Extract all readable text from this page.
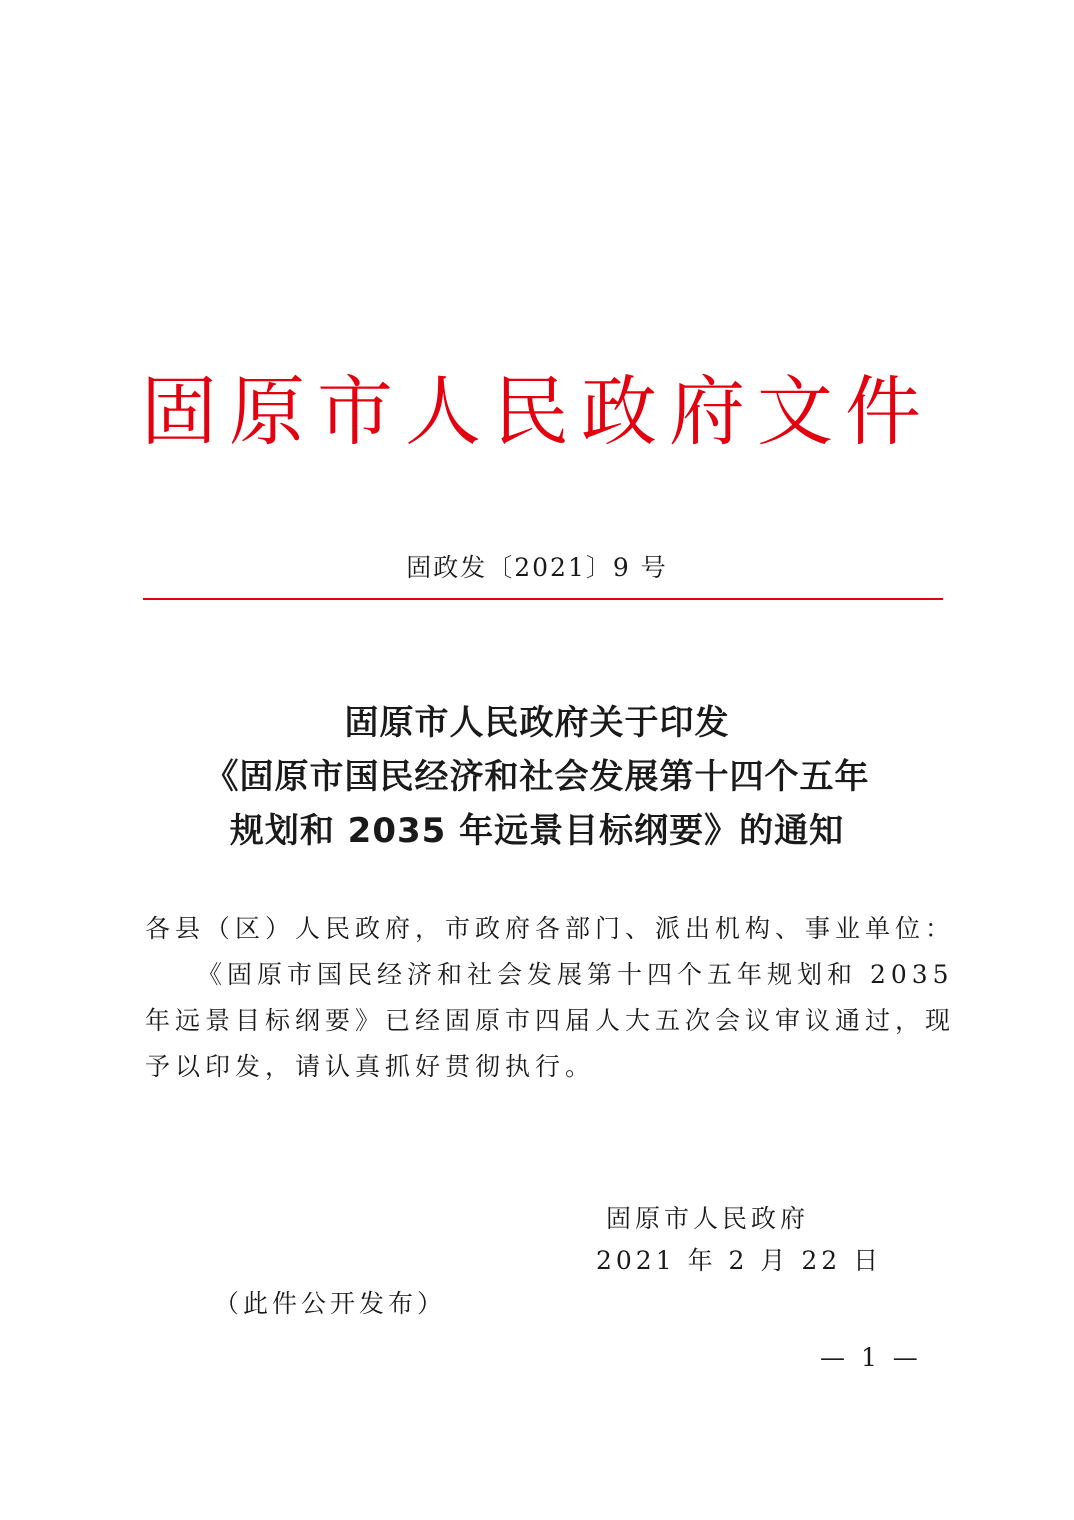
固原市人民政府文件
固政发〔2021〕9 号
固原市人民政府关于印发
《固原市国民经济和社会发展第十四个五年
规划和 2035 年远景目标纲要》的通知
各县（区）人民政府，市政府各部门、派出机构、事业单位：
《固原市国民经济和社会发展第十四个五年规划和 2035
年远景目标纲要》已经固原市四届人大五次会议审议通过，现
予以印发，请认真抓好贯彻执行。
固原市人民政府
2021 年 2 月 22 日
（此件公开发布）
— 1 —
